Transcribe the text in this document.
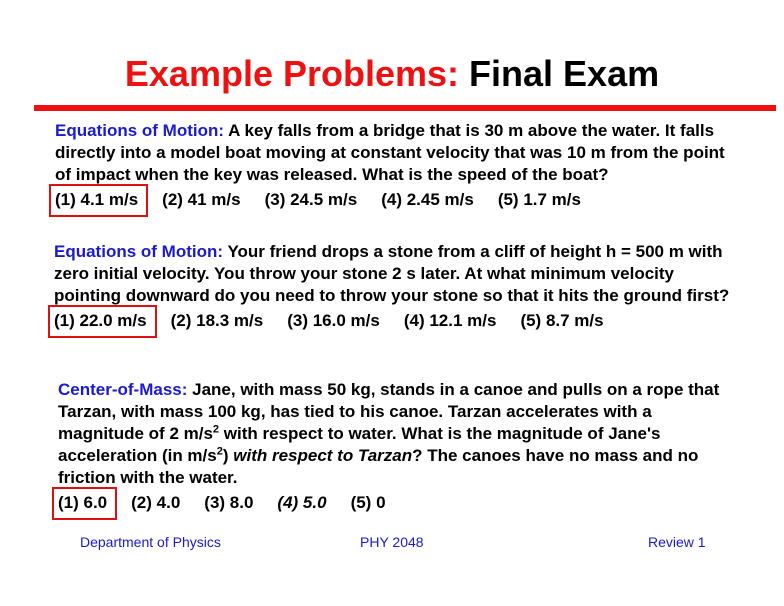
Example Problems: Final Exam

Equations of Motion: A key falls from a bridge that is 30 m above the water. It falls directly into a model boat moving at constant velocity that was 10 m from the point of impact when the key was released. What is the speed of the boat?

(1) 4.1 m/s (2) 41 m/s (3) 24.5 m/s (4) 2.45 m/s (5) 1.7 m/s

Equations of Motion: Your friend drops a stone from a cliff of height h = 500 m with zero initial velocity. You throw your stone 2 s later. At what minimum velocity pointing downward do you need to throw your stone so that it hits the ground first?

(1) 22.0 m/s (2) 18.3 m/s (3) 16.0 m/s (4) 12.1 m/s (5) 8.7 m/s

Center-of-Mass: Jane, with mass 50 kg, stands in a canoe and pulls on a rope that Tarzan, with mass 100 kg, has tied to his canoe. Tarzan accelerates with a magnitude of 2 $m/s^2$ with respect to water. What is the magnitude of Jane's acceleration (in $m/s^2$) with respect to Tarzan? The canoes have no mass and no friction with the water.

(1) 6.0 (2) 4.0 (3) 8.0 (4) 5.0 (5) 0
Department of Physics	PHY 2048	Review 1
